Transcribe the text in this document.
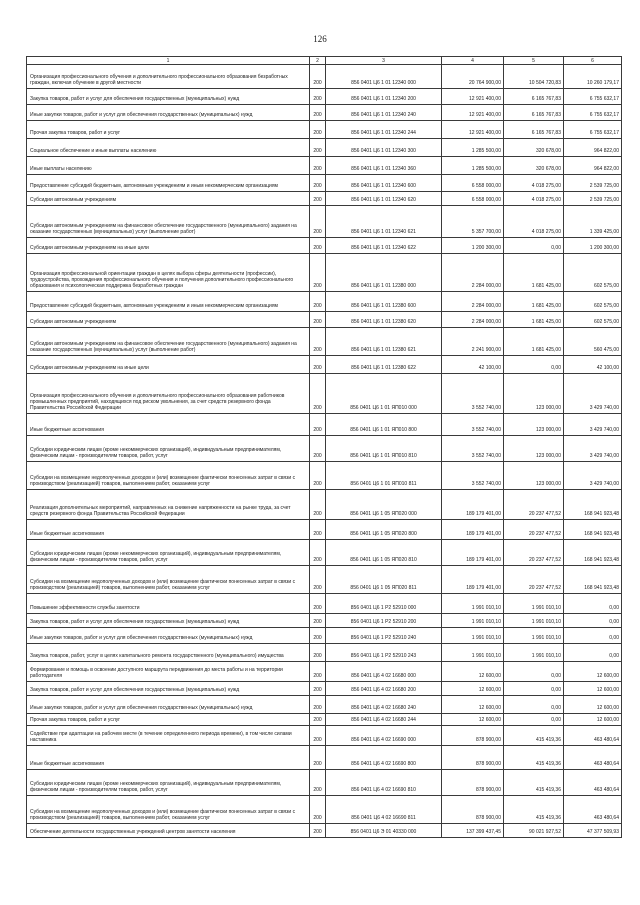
126
1	2	3	4	5	6
Организация профессионального обучения и дополнительного профессионального образования безработных граждан, включая обучение в другой местности	200	856 0401 Ц6 1 01 12340 000	20 764 900,00	10 504 720,83	10 260 179,17
Закупка товаров, работ и услуг для обеспечения государственных (муниципальных) нужд	200	856 0401 Ц6 1 01 12340 200	12 921 400,00	6 165 767,83	6 755 632,17
Иные закупки товаров, работ и услуг для обеспечения государственных (муниципальных) нужд	200	856 0401 Ц6 1 01 12340 240	12 921 400,00	6 165 767,83	6 755 632,17
Прочая закупка товаров, работ и услуг	200	856 0401 Ц6 1 01 12340 244	12 921 400,00	6 165 767,83	6 755 632,17
Социальное обеспечение и иные выплаты населению	200	856 0401 Ц6 1 01 12340 300	1 285 500,00	320 678,00	964 822,00
Иные выплаты населению	200	856 0401 Ц6 1 01 12340 360	1 285 500,00	320 678,00	964 822,00
Предоставление субсидий бюджетным, автономным учреждениям и иным некоммерческим организациям	200	856 0401 Ц6 1 01 12340 600	6 558 000,00	4 018 275,00	2 539 725,00
Субсидии автономным учреждениям	200	856 0401 Ц6 1 01 12340 620	6 558 000,00	4 018 275,00	2 539 725,00
Субсидии автономным учреждениям на финансовое обеспечение государственного (муниципального) задания на оказание государственных (муниципальных) услуг (выполнение работ)	200	856 0401 Ц6 1 01 12340 621	5 357 700,00	4 018 275,00	1 339 425,00
Субсидии автономным учреждениям на иные цели	200	856 0401 Ц6 1 01 12340 622	1 200 300,00	0,00	1 200 300,00
Организация профессиональной ориентации граждан в целях выбора сферы деятельности (профессии), трудоустройства, прохождения профессионального обучения и получения дополнительного профессионального образования и психологическая поддержка безработных граждан	200	856 0401 Ц6 1 01 12380 000	2 284 000,00	1 681 425,00	602 575,00
Предоставление субсидий бюджетным, автономным учреждениям и иным некоммерческим организациям	200	856 0401 Ц6 1 01 12380 600	2 284 000,00	1 681 425,00	602 575,00
Субсидии автономным учреждениям	200	856 0401 Ц6 1 01 12380 620	2 284 000,00	1 681 425,00	602 575,00
Субсидии автономным учреждениям на финансовое обеспечение государственного (муниципального) задания на оказание государственных (муниципальных) услуг (выполнение работ)	200	856 0401 Ц6 1 01 12380 621	2 241 900,00	1 681 425,00	560 475,00
Субсидии автономным учреждениям на иные цели	200	856 0401 Ц6 1 01 12380 622	42 100,00	0,00	42 100,00
Организация профессионального обучения и дополнительного профессионального образования работников промышленных предприятий, находящихся под риском увольнения, за счет средств резервного фонда Правительства Российской Федерации	200	856 0401 Ц6 1 01 ЯП010 000	3 552 740,00	123 000,00	3 429 740,00
Иные бюджетные ассигнования	200	856 0401 Ц6 1 01 ЯП010 800	3 552 740,00	123 000,00	3 429 740,00
Субсидии юридическим лицам (кроме некоммерческих организаций), индивидуальным предпринимателям, физическим лицам - производителям товаров, работ, услуг	200	856 0401 Ц6 1 01 ЯП010 810	3 552 740,00	123 000,00	3 429 740,00
Субсидии на возмещение недополученных доходов и (или) возмещение фактически понесенных затрат в связи с производством (реализацией) товаров, выполнением работ, оказанием услуг	200	856 0401 Ц6 1 01 ЯП010 811	3 552 740,00	123 000,00	3 429 740,00
Реализация дополнительных мероприятий, направленных на снижение напряженности на рынке труда, за счет средств резервного фонда Правительства Российской Федерации	200	856 0401 Ц6 1 05 ЯП020 000	189 179 401,00	20 237 477,52	168 941 923,48
Иные бюджетные ассигнования	200	856 0401 Ц6 1 05 ЯП020 800	189 179 401,00	20 237 477,52	168 941 923,48
Субсидии юридическим лицам (кроме некоммерческих организаций), индивидуальным предпринимателям, физическим лицам - производителям товаров, работ, услуг	200	856 0401 Ц6 1 05 ЯП020 810	189 179 401,00	20 237 477,52	168 941 923,48
Субсидии на возмещение недополученных доходов и (или) возмещение фактически понесенных затрат в связи с производством (реализацией) товаров, выполнением работ, оказанием услуг	200	856 0401 Ц6 1 05 ЯП020 811	189 179 401,00	20 237 477,52	168 941 923,48
Повышение эффективности службы занятости	200	856 0401 Ц6 1 Р2 52910 000	1 991 010,10	1 991 010,10	0,00
Закупка товаров, работ и услуг для обеспечения государственных (муниципальных) нужд	200	856 0401 Ц6 1 Р2 52910 200	1 991 010,10	1 991 010,10	0,00
Иные закупки товаров, работ и услуг для обеспечения государственных (муниципальных) нужд	200	856 0401 Ц6 1 Р2 52910 240	1 991 010,10	1 991 010,10	0,00
Закупка товаров, работ, услуг в целях капитального ремонта государственного (муниципального) имущества	200	856 0401 Ц6 1 Р2 52910 243	1 991 010,10	1 991 010,10	0,00
Формирование и помощь в освоении доступного маршрута передвижения до места работы и на территории работодателя	200	856 0401 Ц6 4 02 16680 000	12 600,00	0,00	12 600,00
Закупка товаров, работ и услуг для обеспечения государственных (муниципальных) нужд	200	856 0401 Ц6 4 02 16680 200	12 600,00	0,00	12 600,00
Иные закупки товаров, работ и услуг для обеспечения государственных (муниципальных) нужд	200	856 0401 Ц6 4 02 16680 240	12 600,00	0,00	12 600,00
Прочая закупка товаров, работ и услуг	200	856 0401 Ц6 4 02 16680 244	12 600,00	0,00	12 600,00
Содействие при адаптации на рабочем месте (в течение определенного периода времени), в том числе силами наставника	200	856 0401 Ц6 4 02 16690 000	878 900,00	415 419,36	463 480,64
Иные бюджетные ассигнования	200	856 0401 Ц6 4 02 16690 800	878 900,00	415 419,36	463 480,64
Субсидии юридическим лицам (кроме некоммерческих организаций), индивидуальным предпринимателям, физическим лицам - производителям товаров, работ, услуг	200	856 0401 Ц6 4 02 16690 810	878 900,00	415 419,36	463 480,64
Субсидии на возмещение недополученных доходов и (или) возмещение фактически понесенных затрат в связи с производством (реализацией) товаров, выполнением работ, оказанием услуг	200	856 0401 Ц6 4 02 16690 811	878 900,00	415 419,36	463 480,64
Обеспечение деятельности государственных учреждений центров занятости населения	200	856 0401 Ц6 Э 01 40330 000	137 399 437,45	90 021 927,52	47 377 509,93
